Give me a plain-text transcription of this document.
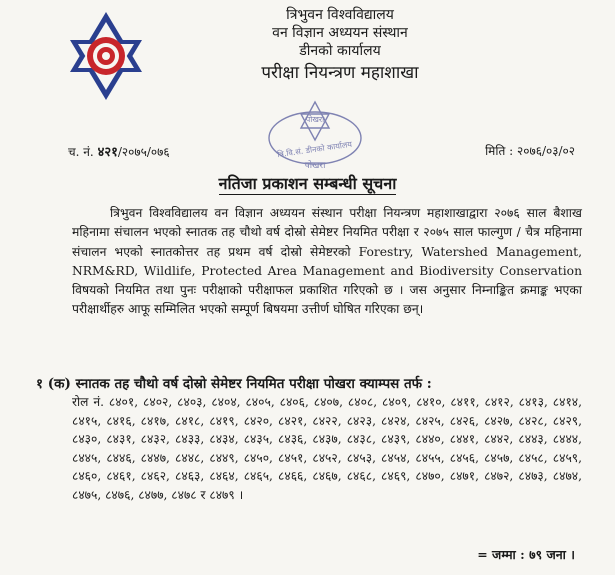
त्रिभुवन विश्वविद्यालय
वन विज्ञान अध्ययन संस्थान
डीनको कार्यालय
परीक्षा नियन्त्रण महाशाखा
पोखरा
त्रि.वि.सं. डीनको कार्यालय
पोखरा
च. नं. ४२१/२०७५/०७६	मिति : २०७६/०३/०२
नतिजा प्रकाशन सम्बन्धी सूचना
त्रिभुवन विश्वविद्यालय वन विज्ञान अध्ययन संस्थान परीक्षा नियन्त्रण महाशाखाद्वारा २०७६ साल बैशाख महिनामा संचालन भएको स्नातक तह चौथो वर्ष दोस्रो सेमेष्टर नियमित परीक्षा र २०७५ साल फाल्गुण / चैत्र महिनामा संचालन भएको स्नातकोत्तर तह प्रथम वर्ष दोस्रो सेमेष्टरको Forestry, Watershed Management, NRM&RD, Wildlife, Protected Area Management and Biodiversity Conservation विषयको नियमित तथा पुनः परीक्षाको परीक्षाफल प्रकाशित गरिएको छ । जस अनुसार निम्नाङ्कित क्रमाङ्क भएका परीक्षार्थीहरु आफू सम्मिलित भएको सम्पूर्ण बिषयमा उत्तीर्ण घोषित गरिएका छन्।
१ (क) स्नातक तह चौथो वर्ष दोस्रो सेमेष्टर नियमित परीक्षा पोखरा क्याम्पस तर्फ :
रोल नं. ८४०१, ८४०२, ८४०३, ८४०४, ८४०५, ८४०६, ८४०७, ८४०८, ८४०९, ८४१०, ८४११, ८४१२, ८४१३, ८४१४, ८४१५, ८४१६, ८४१७, ८४१८, ८४१९, ८४२०, ८४२१, ८४२२, ८४२३, ८४२४, ८४२५, ८४२६, ८४२७, ८४२८, ८४२९, ८४३०, ८४३१, ८४३२, ८४३३, ८४३४, ८४३५, ८४३६, ८४३७, ८४३८, ८४३९, ८४४०, ८४४१, ८४४२, ८४४३, ८४४४, ८४४५, ८४४६, ८४४७, ८४४८, ८४४९, ८४५०, ८४५१, ८४५२, ८४५३, ८४५४, ८४५५, ८४५६, ८४५७, ८४५८, ८४५९, ८४६०, ८४६१, ८४६२, ८४६३, ८४६४, ८४६५, ८४६६, ८४६७, ८४६८, ८४६९, ८४७०, ८४७१, ८४७२, ८४७३, ८४७४, ८४७५, ८४७६, ८४७७, ८४७८ र ८४७९ ।
= जम्मा : ७९ जना ।
